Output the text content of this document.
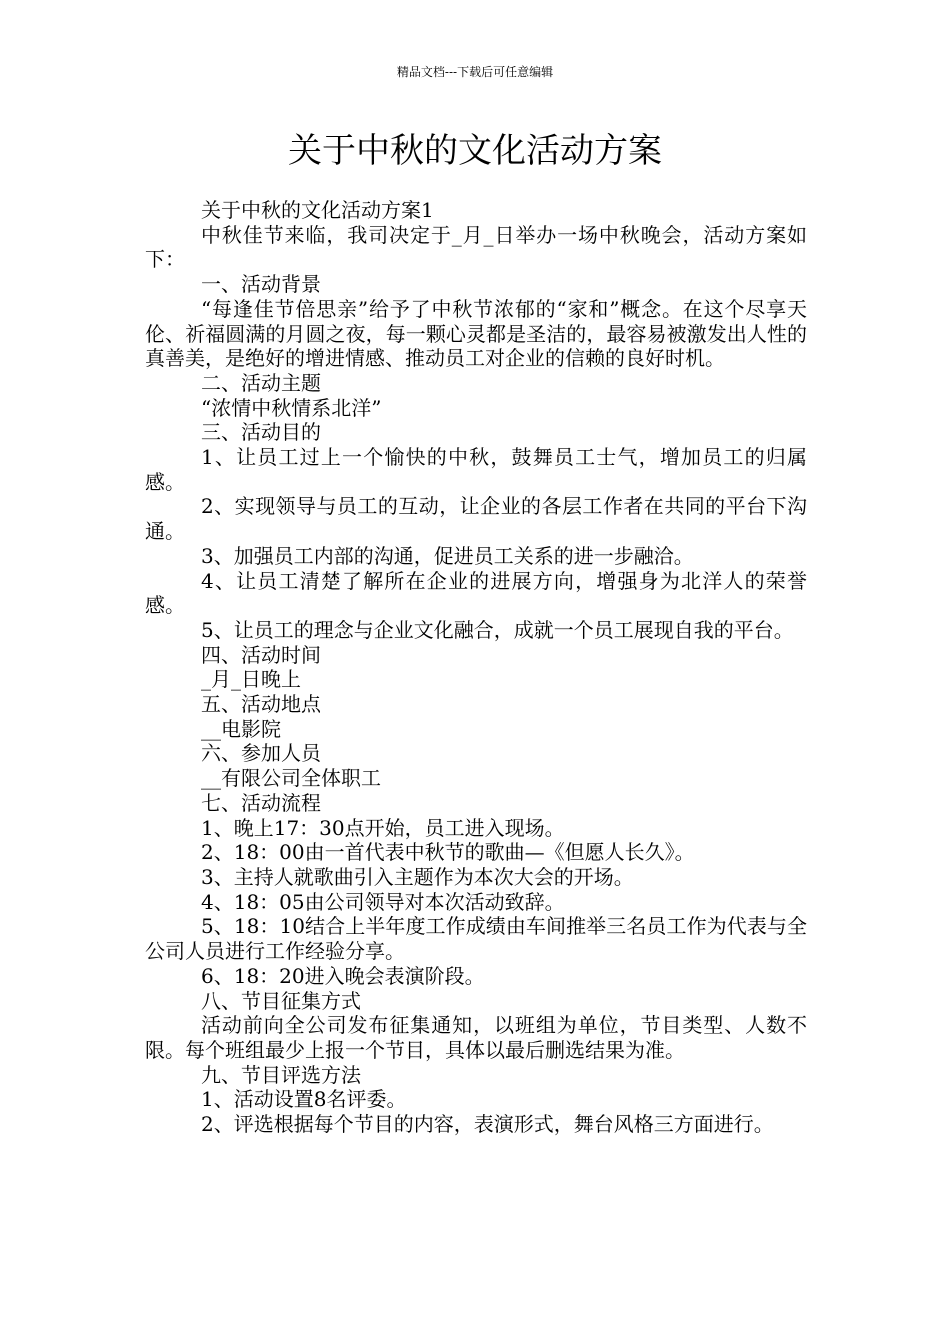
精品文档---下载后可任意编辑
关于中秋的文化活动方案

关于中秋的文化活动方案1

中秋佳节来临，我司决定于_月_日举办一场中秋晚会，活动方案如下：

一、活动背景

“每逢佳节倍思亲”给予了中秋节浓郁的“家和”概念。在这个尽享天伦、祈福圆满的月圆之夜，每一颗心灵都是圣洁的，最容易被激发出人性的真善美，是绝好的增进情感、推动员工对企业的信赖的良好时机。

二、活动主题

“浓情中秋情系北洋”

三、活动目的

1、让员工过上一个愉快的中秋，鼓舞员工士气，增加员工的归属感。

2、实现领导与员工的互动，让企业的各层工作者在共同的平台下沟通。

3、加强员工内部的沟通，促进员工关系的进一步融洽。

4、让员工清楚了解所在企业的进展方向，增强身为北洋人的荣誉感。

5、让员工的理念与企业文化融合，成就一个员工展现自我的平台。

四、活动时间

_月_日晚上

五、活动地点

__电影院

六、参加人员

__有限公司全体职工

七、活动流程

1、晚上17：30点开始，员工进入现场。

2、18：00由一首代表中秋节的歌曲—《但愿人长久》。

3、主持人就歌曲引入主题作为本次大会的开场。

4、18：05由公司领导对本次活动致辞。

5、18：10结合上半年度工作成绩由车间推举三名员工作为代表与全公司人员进行工作经验分享。

6、18：20进入晚会表演阶段。

八、节目征集方式

活动前向全公司发布征集通知，以班组为单位，节目类型、人数不限。每个班组最少上报一个节目，具体以最后删选结果为准。

九、节目评选方法

1、活动设置8名评委。

2、评选根据每个节目的内容，表演形式，舞台风格三方面进行。
